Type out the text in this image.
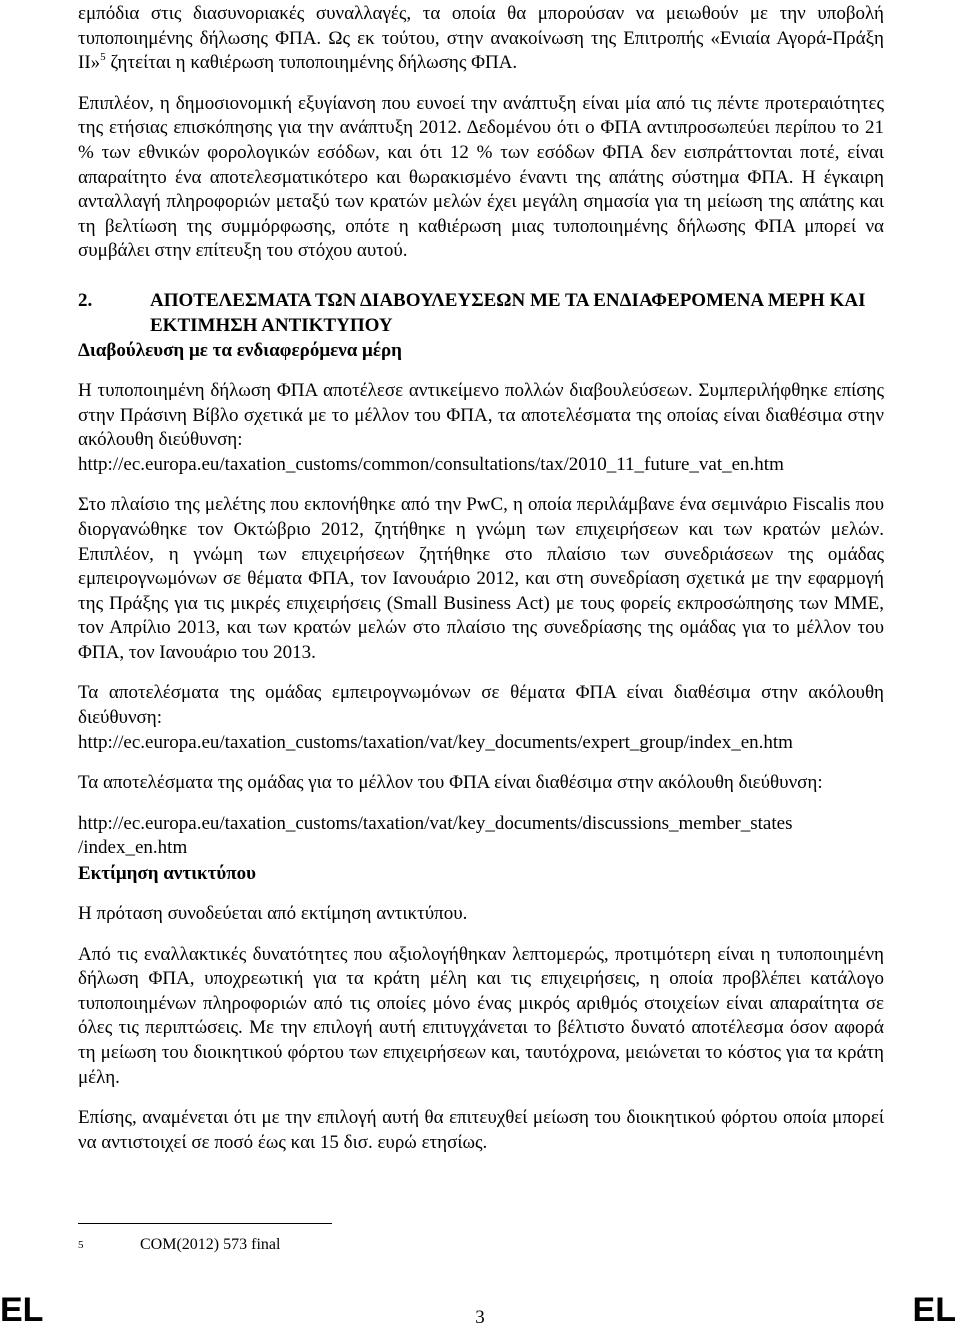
εμπόδια στις διασυνοριακές συναλλαγές, τα οποία θα μπορούσαν να μειωθούν με την υποβολή τυποποιημένης δήλωσης ΦΠΑ. Ως εκ τούτου, στην ανακοίνωση της Επιτροπής «Ενιαία Αγορά-Πράξη ΙΙ»$^5$ ζητείται η καθιέρωση τυποποιημένης δήλωσης ΦΠΑ.

Επιπλέον, η δημοσιονομική εξυγίανση που ευνοεί την ανάπτυξη είναι μία από τις πέντε προτεραιότητες της ετήσιας επισκόπησης για την ανάπτυξη 2012. Δεδομένου ότι ο ΦΠΑ αντιπροσωπεύει περίπου το 21 % των εθνικών φορολογικών εσόδων, και ότι 12 % των εσόδων ΦΠΑ δεν εισπράττονται ποτέ, είναι απαραίτητο ένα αποτελεσματικότερο και θωρακισμένο έναντι της απάτης σύστημα ΦΠΑ. Η έγκαιρη ανταλλαγή πληροφοριών μεταξύ των κρατών μελών έχει μεγάλη σημασία για τη μείωση της απάτης και τη βελτίωση της συμμόρφωσης, οπότε η καθιέρωση μιας τυποποιημένης δήλωσης ΦΠΑ μπορεί να συμβάλει στην επίτευξη του στόχου αυτού.

2.	ΑΠΟΤΕΛΕΣΜΑΤΑ ΤΩΝ ΔΙΑΒΟΥΛΕΥΣΕΩΝ ΜΕ ΤΑ ΕΝΔΙΑΦΕΡΟΜΕΝΑ ΜΕΡΗ ΚΑΙ ΕΚΤΙΜΗΣΗ ΑΝΤΙΚΤΥΠΟΥ

Διαβούλευση με τα ενδιαφερόμενα μέρη

Η τυποποιημένη δήλωση ΦΠΑ αποτέλεσε αντικείμενο πολλών διαβουλεύσεων. Συμπεριλήφθηκε επίσης στην Πράσινη Βίβλο σχετικά με το μέλλον του ΦΠΑ, τα αποτελέσματα της οποίας είναι διαθέσιμα στην ακόλουθη διεύθυνση:

http://ec.europa.eu/taxation_customs/common/consultations/tax/2010_11_future_vat_en.htm

Στο πλαίσιο της μελέτης που εκπονήθηκε από την PwC, η οποία περιλάμβανε ένα σεμινάριο Fiscalis που διοργανώθηκε τον Οκτώβριο 2012, ζητήθηκε η γνώμη των επιχειρήσεων και των κρατών μελών. Επιπλέον, η γνώμη των επιχειρήσεων ζητήθηκε στο πλαίσιο των συνεδριάσεων της ομάδας εμπειρογνωμόνων σε θέματα ΦΠΑ, τον Ιανουάριο 2012, και στη συνεδρίαση σχετικά με την εφαρμογή της Πράξης για τις μικρές επιχειρήσεις (Small Business Act) με τους φορείς εκπροσώπησης των ΜΜΕ, τον Απρίλιο 2013, και των κρατών μελών στο πλαίσιο της συνεδρίασης της ομάδας για το μέλλον του ΦΠΑ, τον Ιανουάριο του 2013.

Τα αποτελέσματα της ομάδας εμπειρογνωμόνων σε θέματα ΦΠΑ είναι διαθέσιμα στην ακόλουθη διεύθυνση:

http://ec.europa.eu/taxation_customs/taxation/vat/key_documents/expert_group/index_en.htm

Τα αποτελέσματα της ομάδας για το μέλλον του ΦΠΑ είναι διαθέσιμα στην ακόλουθη διεύθυνση:

http://ec.europa.eu/taxation_customs/taxation/vat/key_documents/discussions_member_states

/index_en.htm

Εκτίμηση αντικτύπου

Η πρόταση συνοδεύεται από εκτίμηση αντικτύπου.

Από τις εναλλακτικές δυνατότητες που αξιολογήθηκαν λεπτομερώς, προτιμότερη είναι η τυποποιημένη δήλωση ΦΠΑ, υποχρεωτική για τα κράτη μέλη και τις επιχειρήσεις, η οποία προβλέπει κατάλογο τυποποιημένων πληροφοριών από τις οποίες μόνο ένας μικρός αριθμός στοιχείων είναι απαραίτητα σε όλες τις περιπτώσεις. Με την επιλογή αυτή επιτυγχάνεται το βέλτιστο δυνατό αποτέλεσμα όσον αφορά τη μείωση του διοικητικού φόρτου των επιχειρήσεων και, ταυτόχρονα, μειώνεται το κόστος για τα κράτη μέλη.

Επίσης, αναμένεται ότι με την επιλογή αυτή θα επιτευχθεί μείωση του διοικητικού φόρτου οποία μπορεί να αντιστοιχεί σε ποσό έως και 15 δισ. ευρώ ετησίως.

5	COM(2012) 573 final
EL	3	EL
